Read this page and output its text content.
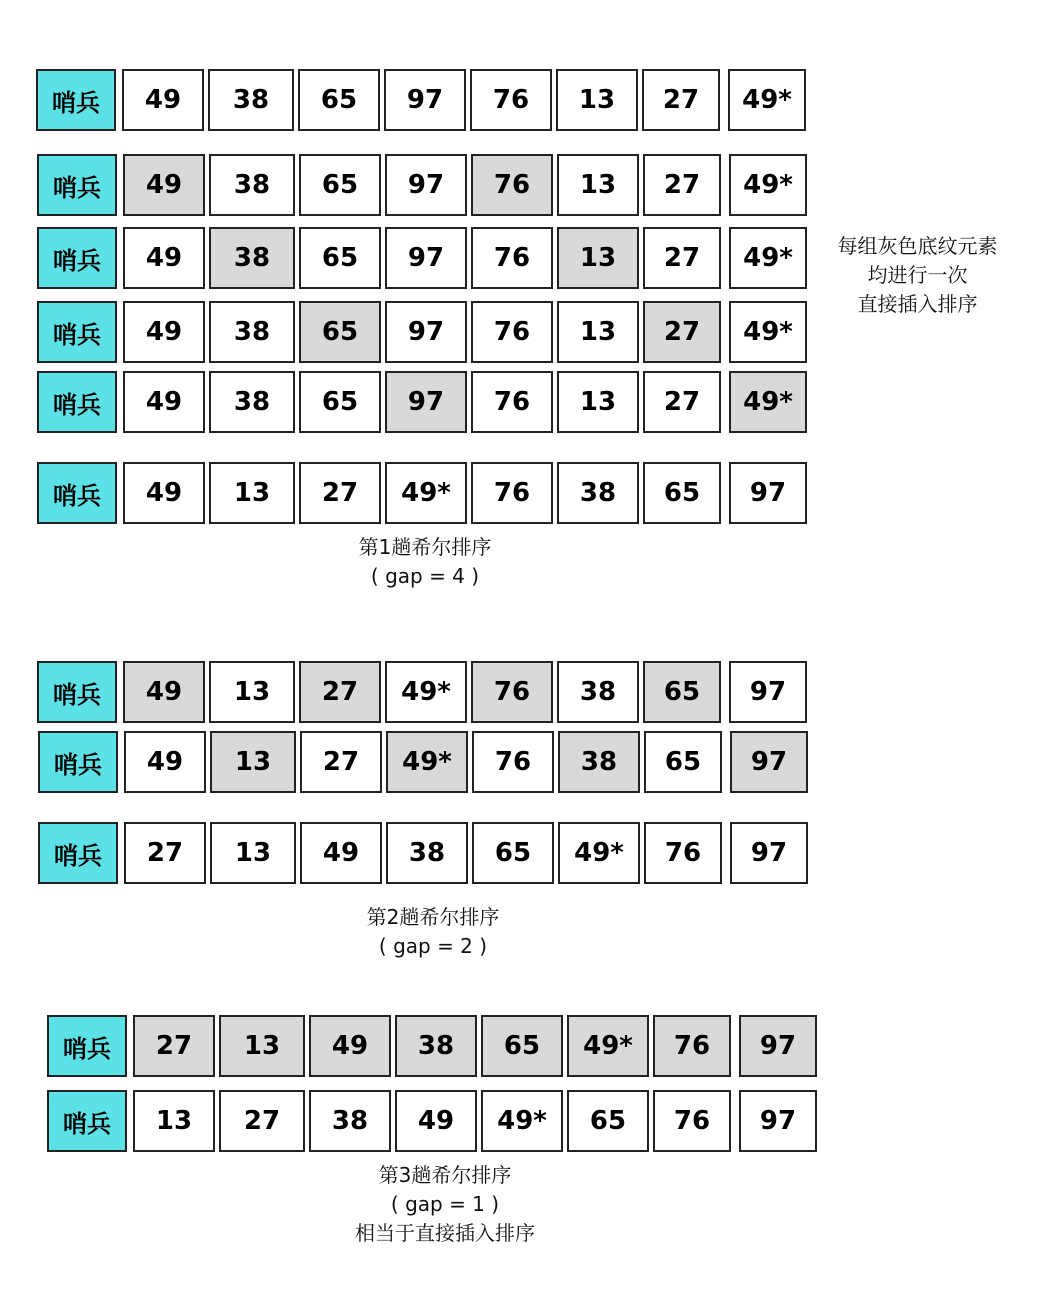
哨兵	49	38	65	97	76	13	27	49*
哨兵	49	38	65	97	76	13	27	49*
哨兵	49	38	65	97	76	13	27	49*
哨兵	49	38	65	97	76	13	27	49*
哨兵	49	38	65	97	76	13	27	49*
哨兵	49	13	27	49*	76	38	65	97
哨兵	49	13	27	49*	76	38	65	97
哨兵	49	13	27	49*	76	38	65	97
哨兵	27	13	49	38	65	49*	76	97
哨兵	27	13	49	38	65	49*	76	97
哨兵	13	27	38	49	49*	65	76	97
每组灰色底纹元素
均进行一次
直接插入排序
第1趟希尔排序
( gap = 4 )
第2趟希尔排序
( gap = 2 )
第3趟希尔排序
( gap = 1 )
相当于直接插入排序
